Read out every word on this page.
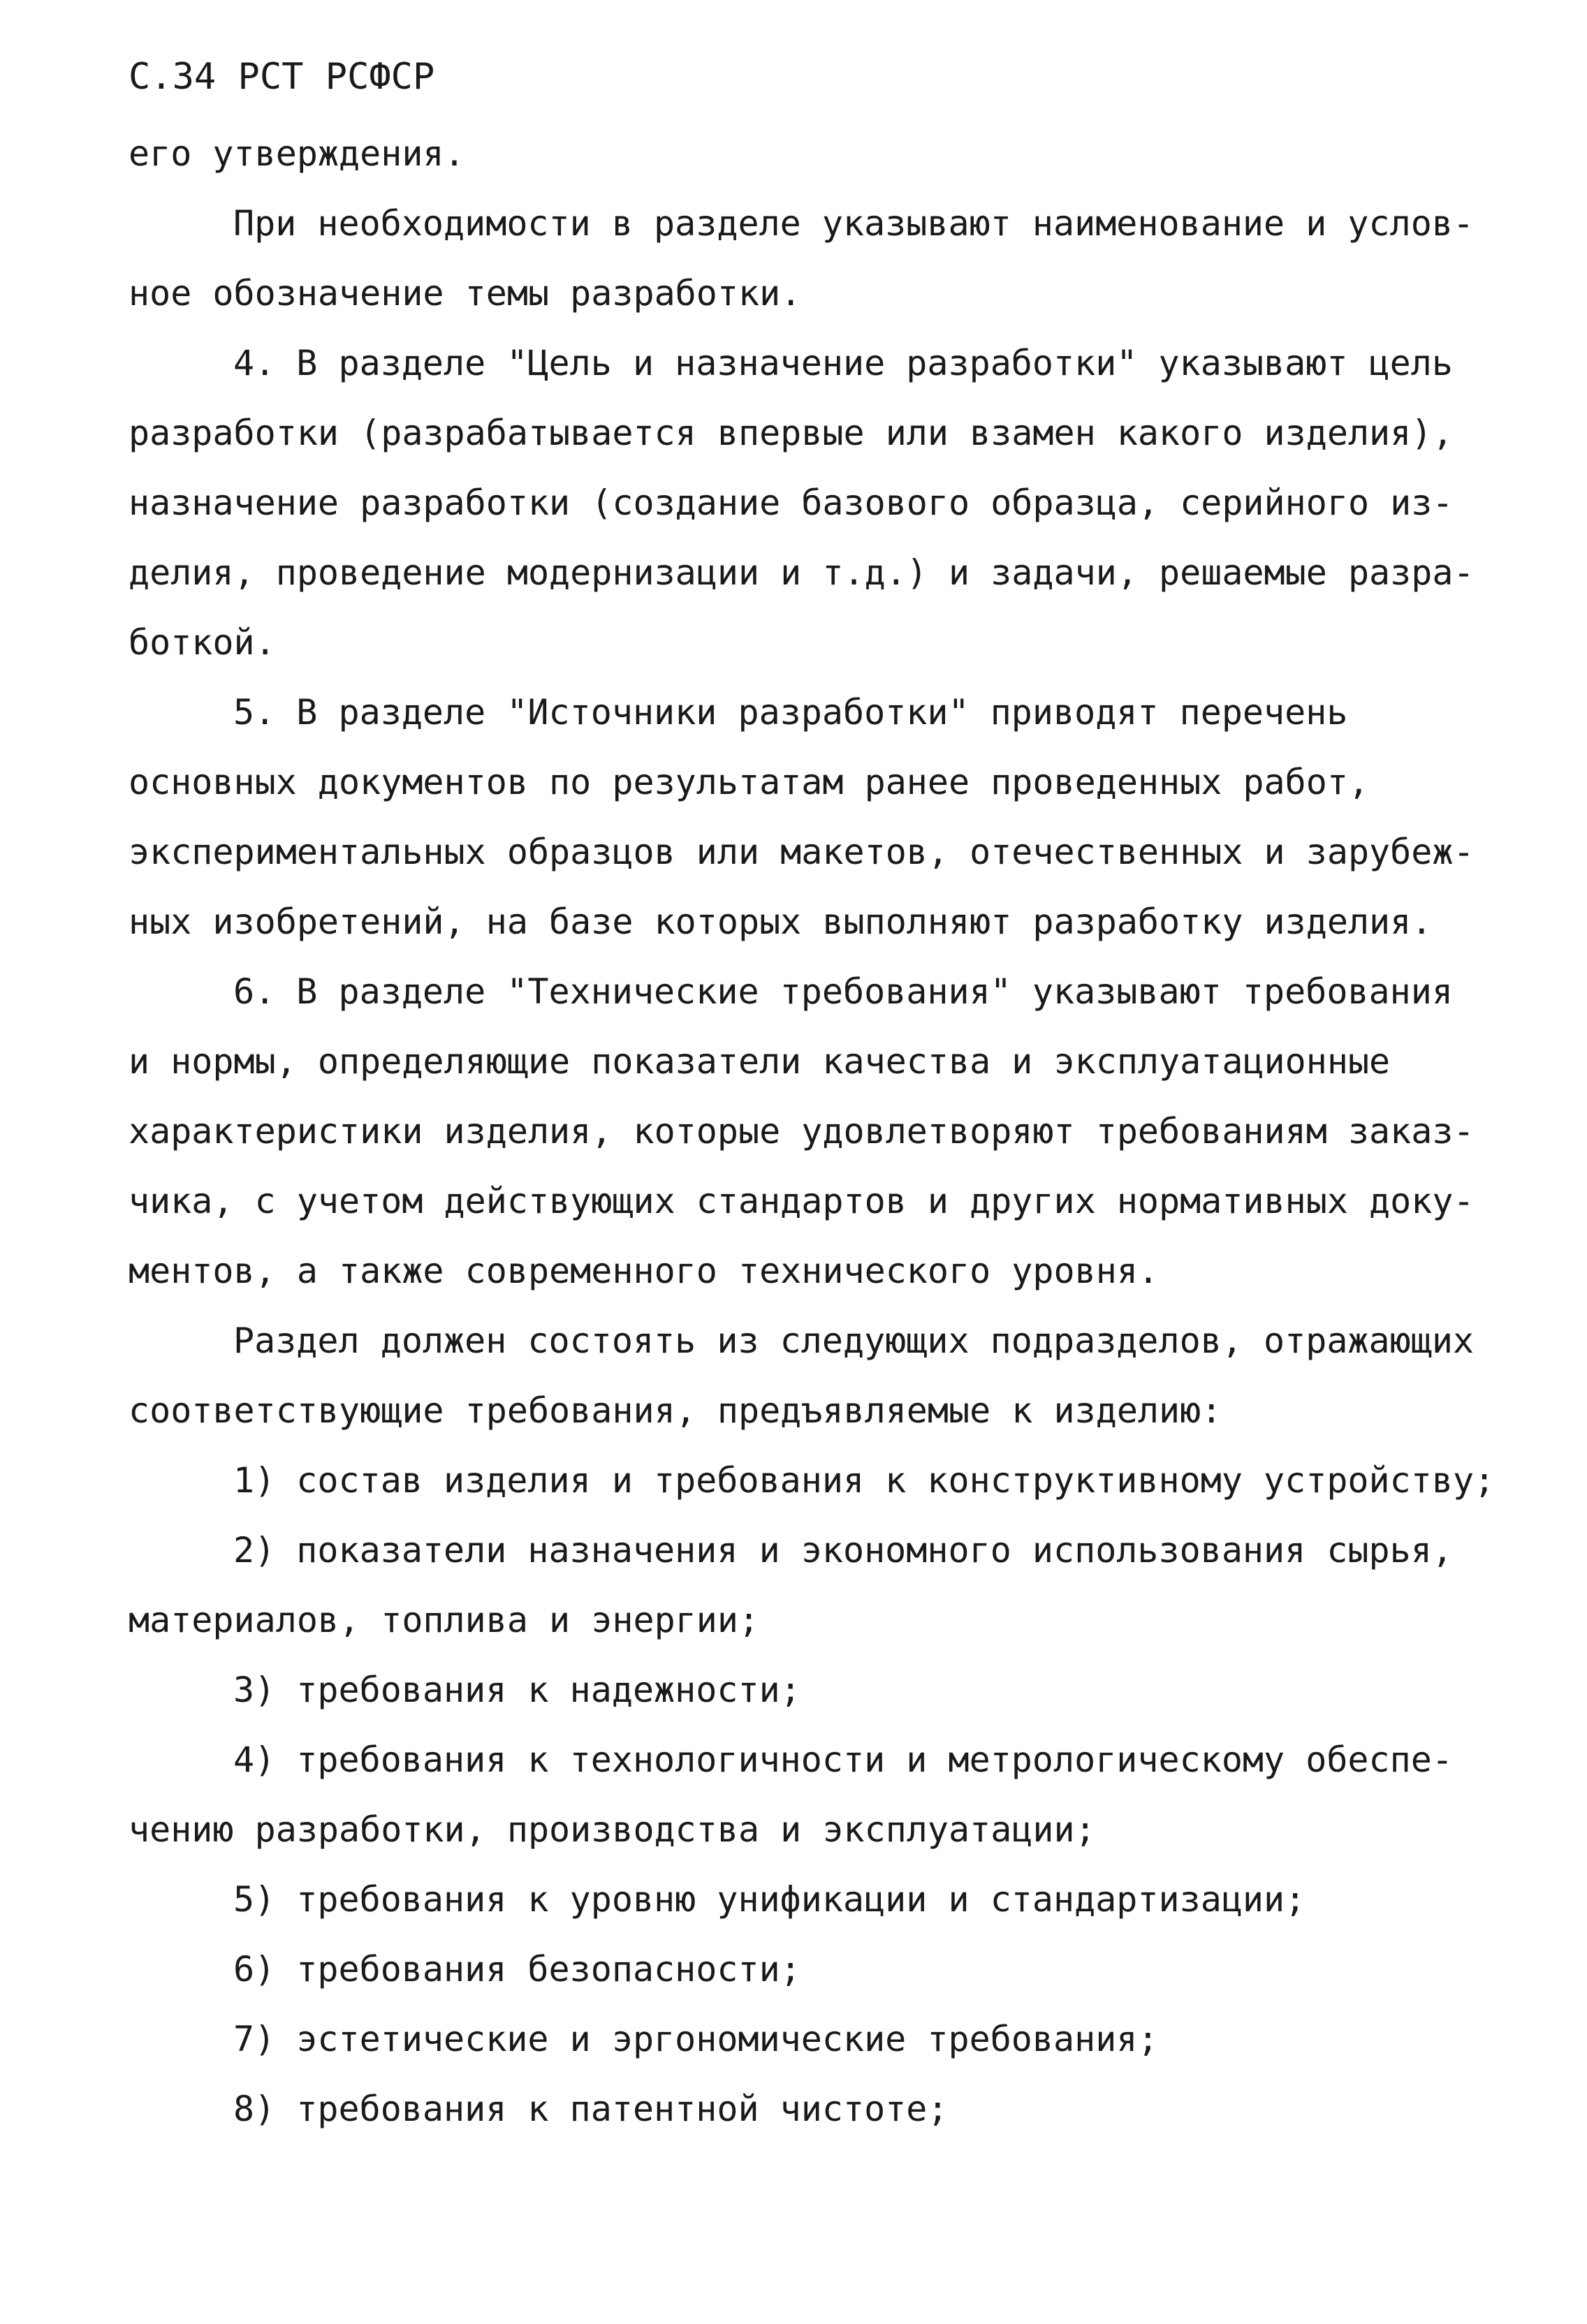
С.34 РСТ РСФСР
его утверждения.
При необходимости в разделе указывают наименование и услов-
ное обозначение темы разработки.
4. В разделе "Цель и назначение разработки" указывают цель
разработки (разрабатывается впервые или взамен какого изделия),
назначение разработки (создание базового образца, серийного из-
делия, проведение модернизации и т.д.) и задачи, решаемые разра-
боткой.
5. В разделе "Источники разработки" приводят перечень
основных документов по результатам ранее проведенных работ,
экспериментальных образцов или макетов, отечественных и зарубеж-
ных изобретений, на базе которых выполняют разработку изделия.
6. В разделе "Технические требования" указывают требования
и нормы, определяющие показатели качества и эксплуатационные
характеристики изделия, которые удовлетворяют требованиям заказ-
чика, с учетом действующих стандартов и других нормативных доку-
ментов, а также современного технического уровня.
Раздел должен состоять из следующих подразделов, отражающих
соответствующие требования, предъявляемые к изделию:
1) состав изделия и требования к конструктивному устройству;
2) показатели назначения и экономного использования сырья,
материалов, топлива и энергии;
3) требования к надежности;
4) требования к технологичности и метрологическому обеспе-
чению разработки, производства и эксплуатации;
5) требования к уровню унификации и стандартизации;
6) требования безопасности;
7) эстетические и эргономические требования;
8) требования к патентной чистоте;
